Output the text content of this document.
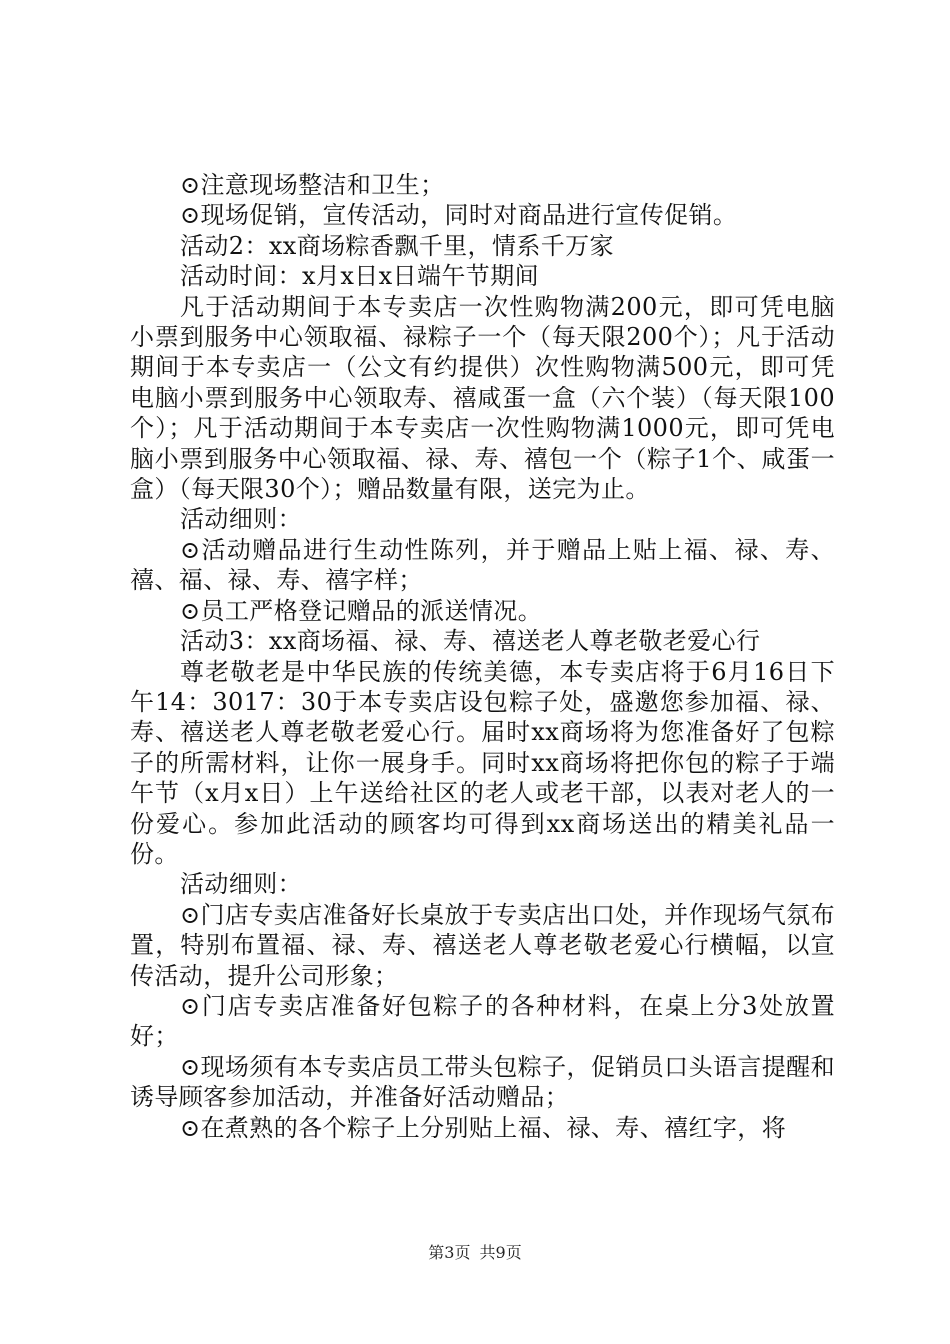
⊙注意现场整洁和卫生；

⊙现场促销，宣传活动，同时对商品进行宣传促销。

活动2：xx商场粽香飘千里，情系千万家

活动时间：x月x日x日端午节期间

凡于活动期间于本专卖店一次性购物满200元，即可凭电脑小票到服务中心领取福、禄粽子一个（每天限200个）；凡于活动期间于本专卖店一（公文有约提供）次性购物满500元，即可凭电脑小票到服务中心领取寿、禧咸蛋一盒（六个装）（每天限100个）；凡于活动期间于本专卖店一次性购物满1000元，即可凭电脑小票到服务中心领取福、禄、寿、禧包一个（粽子1个、咸蛋一盒）（每天限30个）；赠品数量有限，送完为止。

活动细则：

⊙活动赠品进行生动性陈列，并于赠品上贴上福、禄、寿、禧、福、禄、寿、禧字样；

⊙员工严格登记赠品的派送情况。

活动3：xx商场福、禄、寿、禧送老人尊老敬老爱心行

尊老敬老是中华民族的传统美德，本专卖店将于6月16日下午14：3017：30于本专卖店设包粽子处，盛邀您参加福、禄、寿、禧送老人尊老敬老爱心行。届时xx商场将为您准备好了包粽子的所需材料，让你一展身手。同时xx商场将把你包的粽子于端午节（x月x日）上午送给社区的老人或老干部，以表对老人的一份爱心。参加此活动的顾客均可得到xx商场送出的精美礼品一份。

活动细则：

⊙门店专卖店准备好长桌放于专卖店出口处，并作现场气氛布置，特别布置福、禄、寿、禧送老人尊老敬老爱心行横幅，以宣传活动，提升公司形象；

⊙门店专卖店准备好包粽子的各种材料，在桌上分3处放置好；

⊙现场须有本专卖店员工带头包粽子，促销员口头语言提醒和诱导顾客参加活动，并准备好活动赠品；

⊙在煮熟的各个粽子上分别贴上福、禄、寿、禧红字，将

第3页 共9页
